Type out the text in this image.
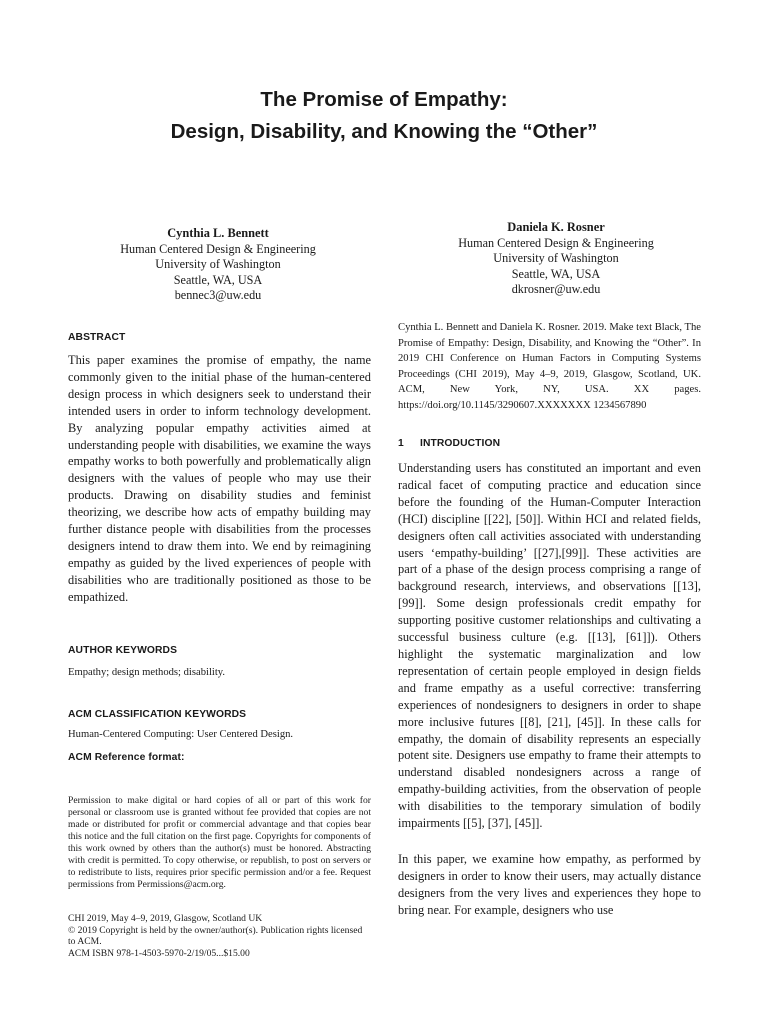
The Promise of Empathy:
Design, Disability, and Knowing the “Other”
Cynthia L. Bennett
Human Centered Design & Engineering
University of Washington
Seattle, WA, USA
bennec3@uw.edu
Daniela K. Rosner
Human Centered Design & Engineering
University of Washington
Seattle, WA, USA
dkrosner@uw.edu
ABSTRACT
This paper examines the promise of empathy, the name commonly given to the initial phase of the human-centered design process in which designers seek to understand their intended users in order to inform technology development. By analyzing popular empathy activities aimed at understanding people with disabilities, we examine the ways empathy works to both powerfully and problematically align designers with the values of people who may use their products. Drawing on disability studies and feminist theorizing, we describe how acts of empathy building may further distance people with disabilities from the processes designers intend to draw them into. We end by reimagining empathy as guided by the lived experiences of people with disabilities who are traditionally positioned as those to be empathized.
AUTHOR KEYWORDS
Empathy; design methods; disability.
ACM CLASSIFICATION KEYWORDS
Human-Centered Computing: User Centered Design.
ACM Reference format:
Permission to make digital or hard copies of all or part of this work for personal or classroom use is granted without fee provided that copies are not made or distributed for profit or commercial advantage and that copies bear this notice and the full citation on the first page. Copyrights for components of this work owned by others than the author(s) must be honored. Abstracting with credit is permitted. To copy otherwise, or republish, to post on servers or to redistribute to lists, requires prior specific permission and/or a fee. Request permissions from Permissions@acm.org.
CHI 2019, May 4–9, 2019, Glasgow, Scotland UK
© 2019 Copyright is held by the owner/author(s). Publication rights licensed to ACM.
ACM ISBN 978-1-4503-5970-2/19/05...$15.00
Cynthia L. Bennett and Daniela K. Rosner. 2019. Make text Black, The Promise of Empathy: Design, Disability, and Knowing the “Other”. In 2019 CHI Conference on Human Factors in Computing Systems Proceedings (CHI 2019), May 4–9, 2019, Glasgow, Scotland, UK. ACM, New York, NY, USA. XX pages. https://doi.org/10.1145/3290607.XXXXXXX 1234567890
1 INTRODUCTION
Understanding users has constituted an important and even radical facet of computing practice and education since before the founding of the Human-Computer Interaction (HCI) discipline [[22], [50]]. Within HCI and related fields, designers often call activities associated with understanding users ‘empathy-building’ [[27],[99]]. These activities are part of a phase of the design process comprising a range of background research, interviews, and observations [[13], [99]]. Some design professionals credit empathy for supporting positive customer relationships and cultivating a successful business culture (e.g. [[13], [61]]). Others highlight the systematic marginalization and low representation of certain people employed in design fields and frame empathy as a useful corrective: transferring experiences of nondesigners to designers in order to shape more inclusive futures [[8], [21], [45]]. In these calls for empathy, the domain of disability represents an especially potent site. Designers use empathy to frame their attempts to understand disabled nondesigners across a range of empathy-building activities, from the observation of people with disabilities to the temporary simulation of bodily impairments [[5], [37], [45]].
In this paper, we examine how empathy, as performed by designers in order to know their users, may actually distance designers from the very lives and experiences they hope to bring near. For example, designers who use
